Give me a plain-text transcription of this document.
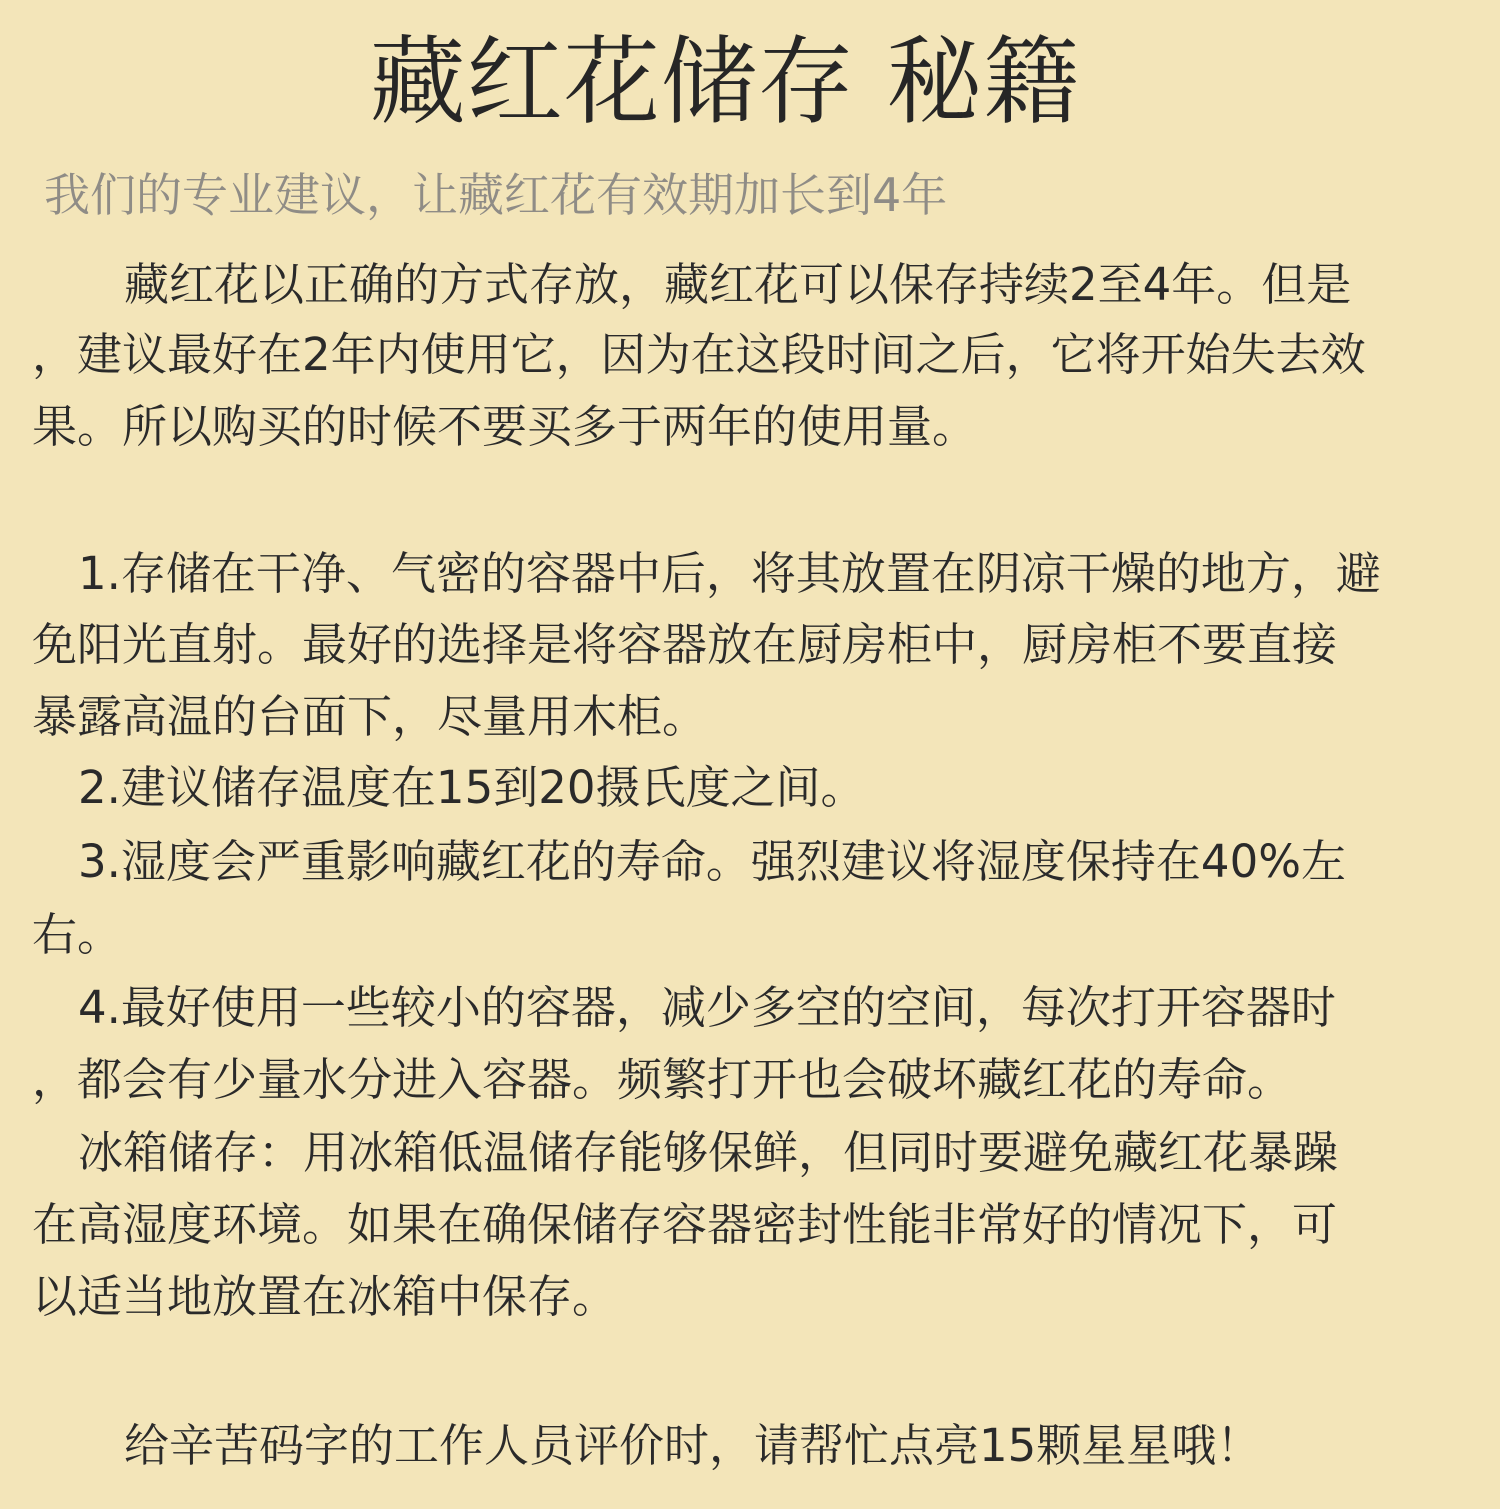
藏红花储存 秘籍
我们的专业建议，让藏红花有效期加长到4年
藏红花以正确的方式存放，藏红花可以保存持续2至4年。但是
，建议最好在2年内使用它，因为在这段时间之后，它将开始失去效
果。所以购买的时候不要买多于两年的使用量。
1.存储在干净、气密的容器中后，将其放置在阴凉干燥的地方，避
免阳光直射。最好的选择是将容器放在厨房柜中，厨房柜不要直接
暴露高温的台面下，尽量用木柜。
2.建议储存温度在15到20摄氏度之间。
3.湿度会严重影响藏红花的寿命。强烈建议将湿度保持在40%左
右。
4.最好使用一些较小的容器，减少多空的空间，每次打开容器时
，都会有少量水分进入容器。频繁打开也会破坏藏红花的寿命。
冰箱储存：用冰箱低温储存能够保鲜，但同时要避免藏红花暴躁
在高湿度环境。如果在确保储存容器密封性能非常好的情况下，可
以适当地放置在冰箱中保存。
给辛苦码字的工作人员评价时，请帮忙点亮15颗星星哦！
